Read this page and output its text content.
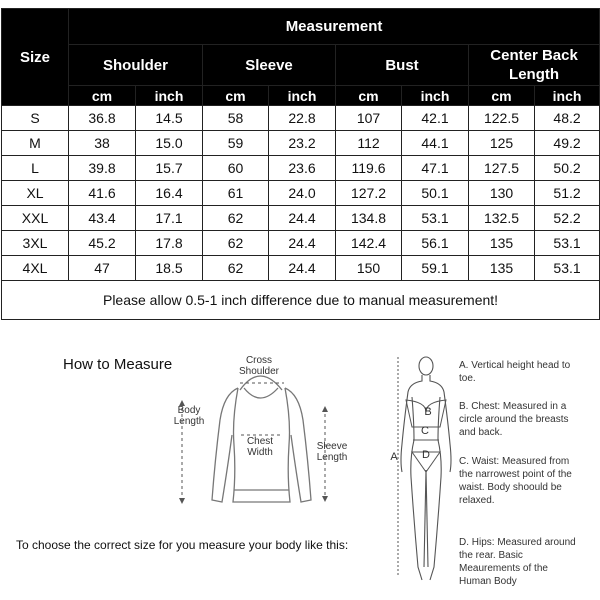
Size	Measurement							
	Shoulder		Sleeve		Bust		Center Back Length	
	cm	inch	cm	inch	cm	inch	cm	inch
S	36.8	14.5	58	22.8	107	42.1	122.5	48.2
M	38	15.0	59	23.2	112	44.1	125	49.2
L	39.8	15.7	60	23.6	119.6	47.1	127.5	50.2
XL	41.6	16.4	61	24.0	127.2	50.1	130	51.2
XXL	43.4	17.1	62	24.4	134.8	53.1	132.5	52.2
3XL	45.2	17.8	62	24.4	142.4	56.1	135	53.1
4XL	47	18.5	62	24.4	150	59.1	135	53.1
Please allow 0.5-1 inch difference due to manual measurement!								
How to Measure	Cross Shoulder
Body Length
Chest Width
Sleeve Length
B
C
D
A
A. Vertical height head to toe.
B. Chest: Measured in a circle around the breasts and back.
C. Waist: Measured from the narrowest point of the waist. Body shoould be relaxed.
D. Hips: Measured around the rear. Basic Meaurements of the Human Body
To choose the correct size for you measure your body like this:
